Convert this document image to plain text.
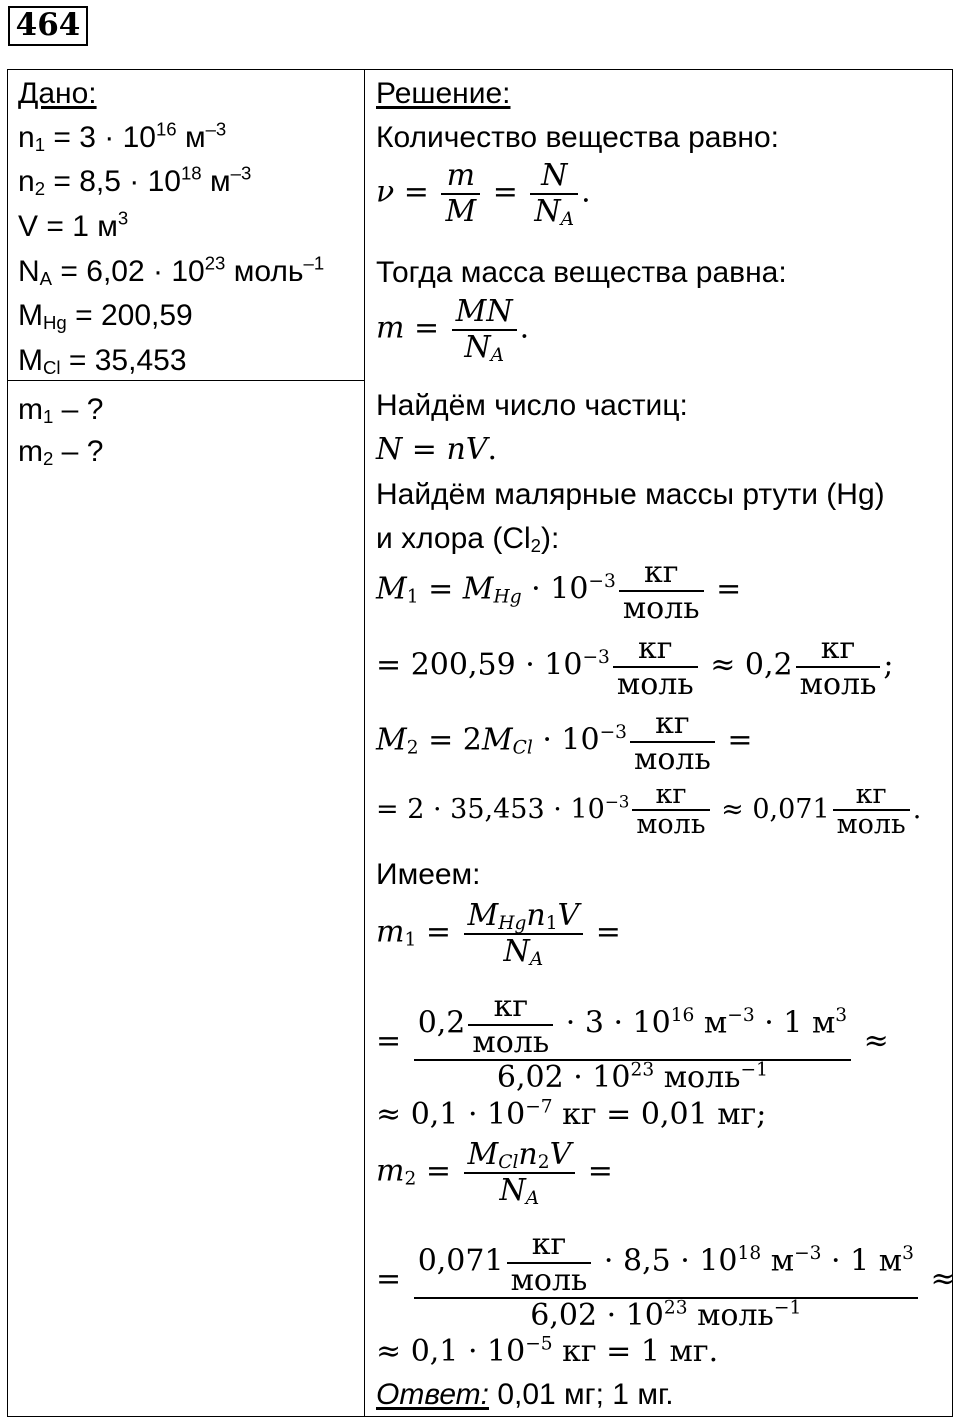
464
Дано:
$n_1 = 3 \cdot 10^{16}$ $м^{-3}$
$n_2 = 8,5 \cdot 10^{18}$ $м^{-3}$
V = 1 $м^3$
$N_A = 6,02 \cdot 10^{23}$ моль$^{-1}$
$M_{Hg} = 200,59$
$M_{Cl} = 35,453$
$m_1$ – ?
$m_2$ – ?
Решение:
Количество вещества равно:
$\nu = \frac{m}{M} = \frac{N}{N_A}$ .
Тогда масса вещества равна:
$m = \frac{MN}{N_A}$ .
Найдём число частиц:
N = nV.
Найдём малярные массы ртути (Hg)
и хлора $(Cl_2)$:
$M_1 = M_{Hg} \cdot 10^{-3}$ кг
моль
=
= $200,59 \cdot 10^{-3}$ кг
моль
≈ 0,2 кг
моль
;
$M_2 = 2M_{Cl} \cdot 10^{-3}$ кг
моль
=
= $2 \cdot 35,453 \cdot 10^{-3}$ кг
моль ≈ 0,071 кг
моль .
Имеем:
$m_1 = M_{Hg}n_1V$
$N_A$
=
=
0,2 кг
моль
· $3 \cdot 10^{16}$ $м^{-3} \cdot 1$ $м^3$
$6,02 \cdot 10^{23}$ моль$^{-1}$
≈
≈ $0,1 \cdot 10^{-7}$ кг = 0,01 мг;
$m_2 = \frac{M_{Cl}n_2V}{N_A}$ =
=
0,071 кг
моль
· $8,5 \cdot 10^{18}$ $м^{-3} \cdot 1$ $м^3$
$6,02 \cdot 10^{23}$ моль$^{-1}$
≈
≈ $0,1 \cdot 10^{-5}$ кг = 1 мг.
Ответ: 0,01 мг; 1 мг.
